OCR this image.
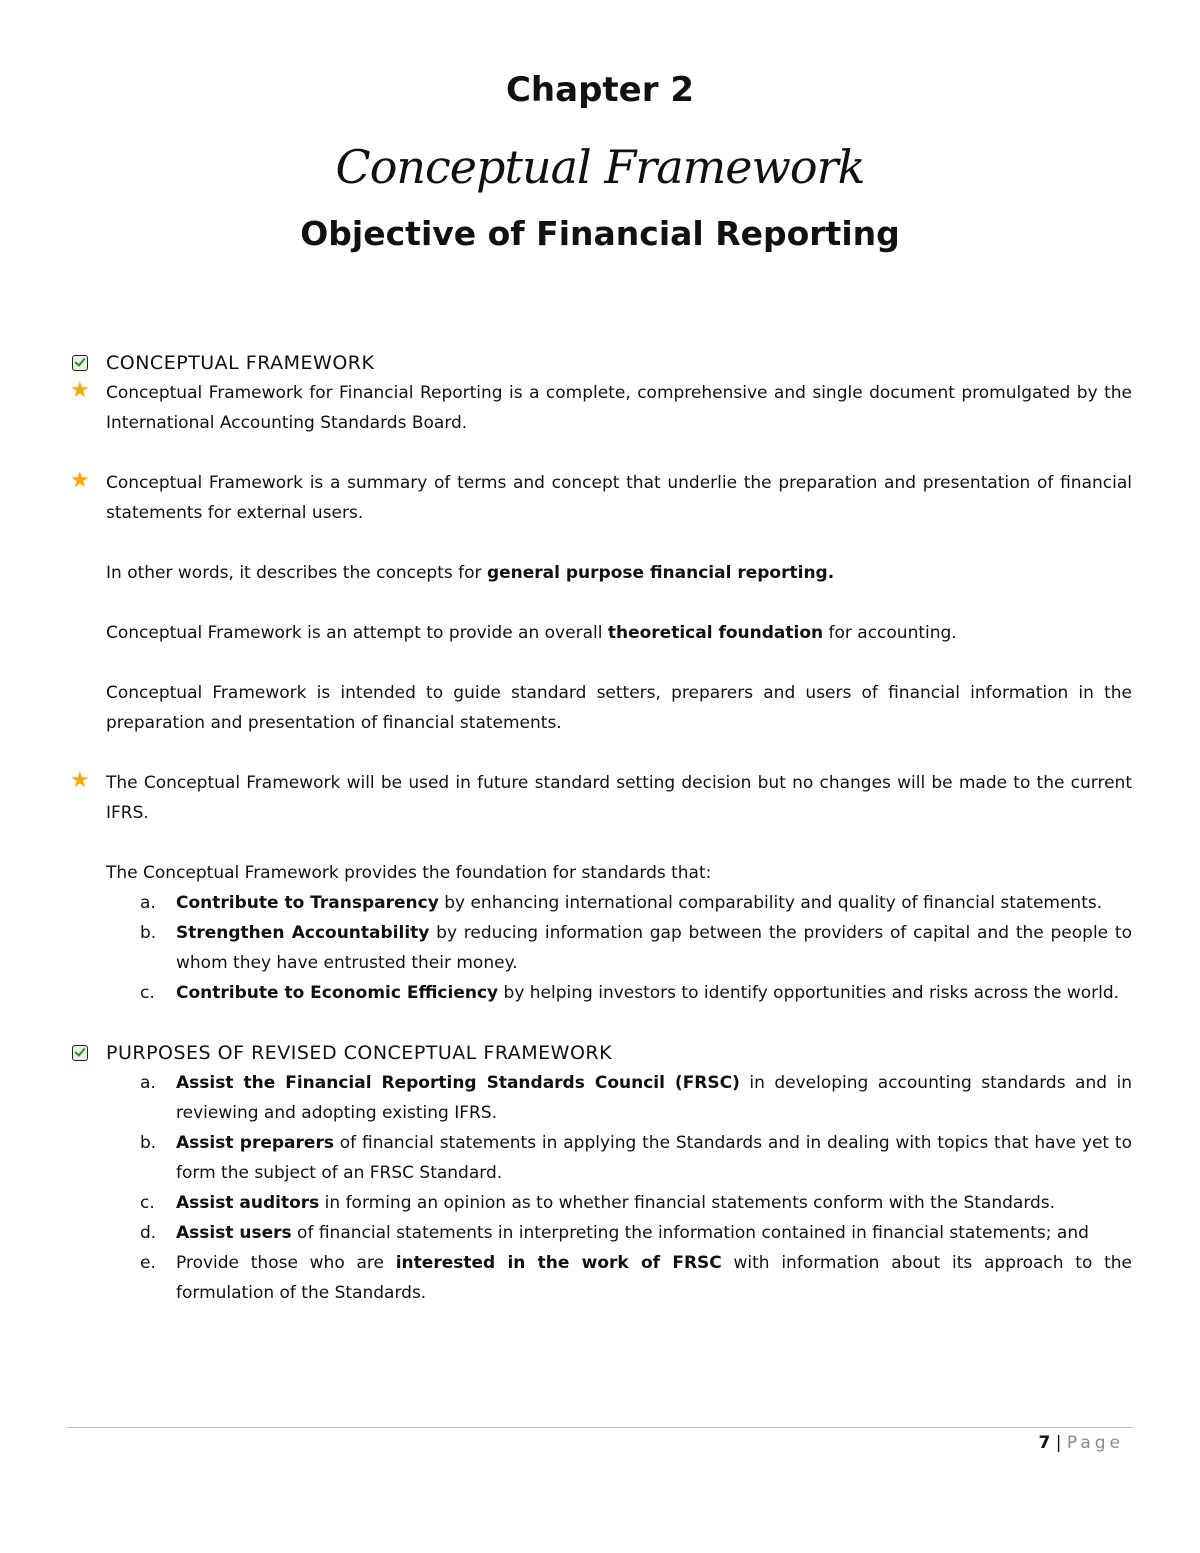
Chapter 2
Conceptual Framework
Objective of Financial Reporting
CONCEPTUAL FRAMEWORK
★ Conceptual Framework for Financial Reporting is a complete, comprehensive and single document promulgated by the International Accounting Standards Board.
★ Conceptual Framework is a summary of terms and concept that underlie the preparation and presentation of financial statements for external users.
In other words, it describes the concepts for general purpose financial reporting.
Conceptual Framework is an attempt to provide an overall theoretical foundation for accounting.
Conceptual Framework is intended to guide standard setters, preparers and users of financial information in the preparation and presentation of financial statements.
★ The Conceptual Framework will be used in future standard setting decision but no changes will be made to the current IFRS.
The Conceptual Framework provides the foundation for standards that:
a. Contribute to Transparency by enhancing international comparability and quality of financial statements.
b. Strengthen Accountability by reducing information gap between the providers of capital and the people to whom they have entrusted their money.
c. Contribute to Economic Efficiency by helping investors to identify opportunities and risks across the world.
PURPOSES OF REVISED CONCEPTUAL FRAMEWORK
a. Assist the Financial Reporting Standards Council (FRSC) in developing accounting standards and in reviewing and adopting existing IFRS.
b. Assist preparers of financial statements in applying the Standards and in dealing with topics that have yet to form the subject of an FRSC Standard.
c. Assist auditors in forming an opinion as to whether financial statements conform with the Standards.
d. Assist users of financial statements in interpreting the information contained in financial statements; and
e. Provide those who are interested in the work of FRSC with information about its approach to the formulation of the Standards.
7 | Page
